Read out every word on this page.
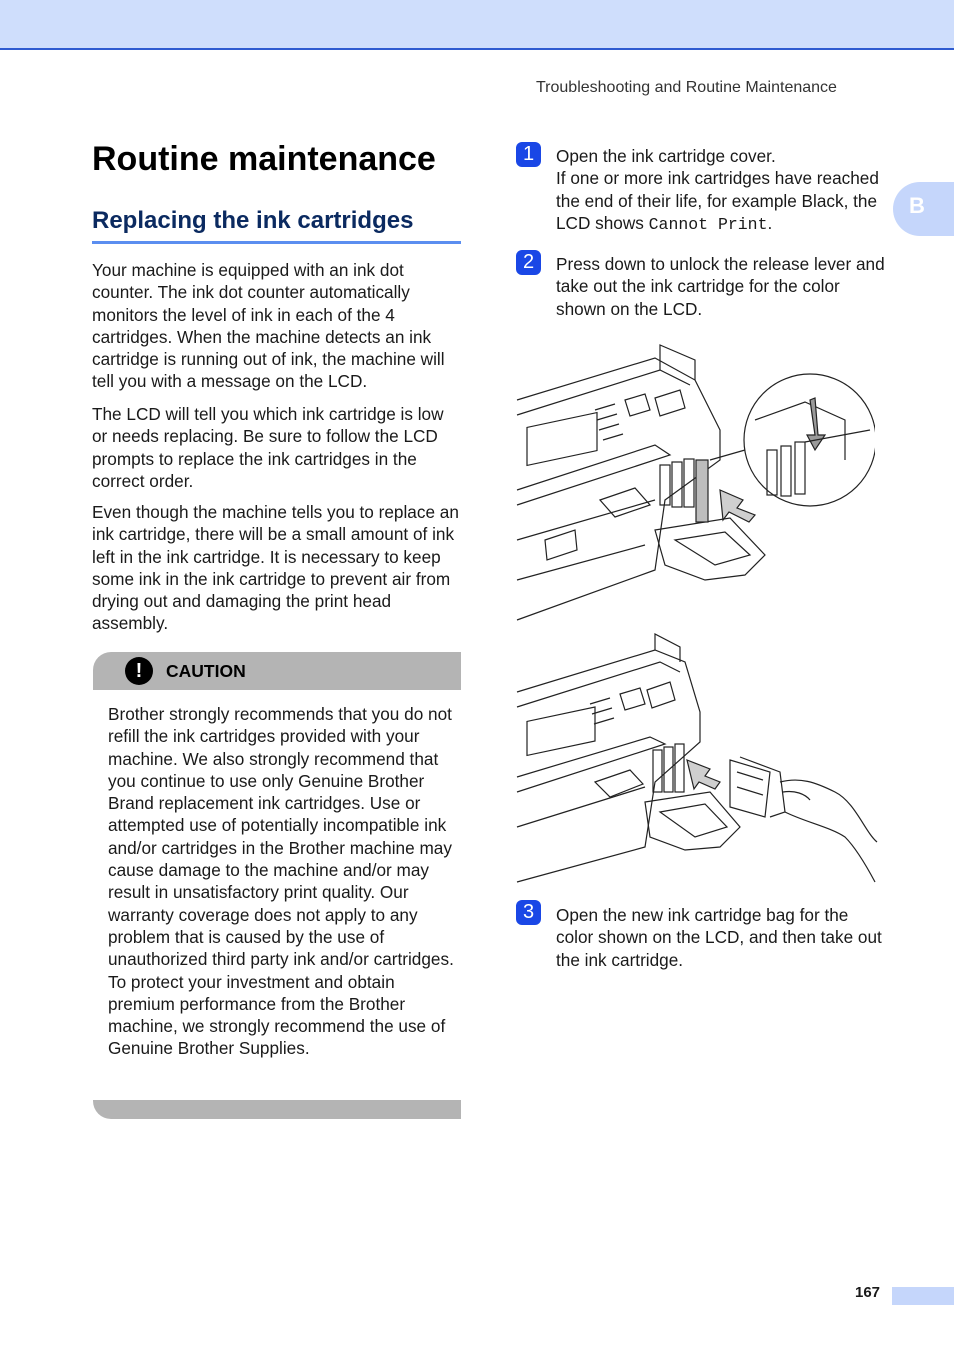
Troubleshooting and Routine Maintenance
B
Routine maintenance
Replacing the ink cartridges

Your machine is equipped with an ink dot counter. The ink dot counter automatically monitors the level of ink in each of the 4 cartridges. When the machine detects an ink cartridge is running out of ink, the machine will tell you with a message on the LCD.

The LCD will tell you which ink cartridge is low or needs replacing. Be sure to follow the LCD prompts to replace the ink cartridges in the correct order.

Even though the machine tells you to replace an ink cartridge, there will be a small amount of ink left in the ink cartridge. It is necessary to keep some ink in the ink cartridge to prevent air from drying out and damaging the print head assembly.

!	CAUTION

Brother strongly recommends that you do not refill the ink cartridges provided with your machine. We also strongly recommend that you continue to use only Genuine Brother Brand replacement ink cartridges. Use or attempted use of potentially incompatible ink and/or cartridges in the Brother machine may cause damage to the machine and/or may result in unsatisfactory print quality. Our warranty coverage does not apply to any problem that is caused by the use of unauthorized third party ink and/or cartridges. To protect your investment and obtain premium performance from the Brother machine, we strongly recommend the use of Genuine Brother Supplies.

1	Open the ink cartridge cover.
If one or more ink cartridges have reached the end of their life, for example Black, the LCD shows Cannot Print.

2	Press down to unlock the release lever and take out the ink cartridge for the color shown on the LCD.

3	Open the new ink cartridge bag for the color shown on the LCD, and then take out the ink cartridge.

167
